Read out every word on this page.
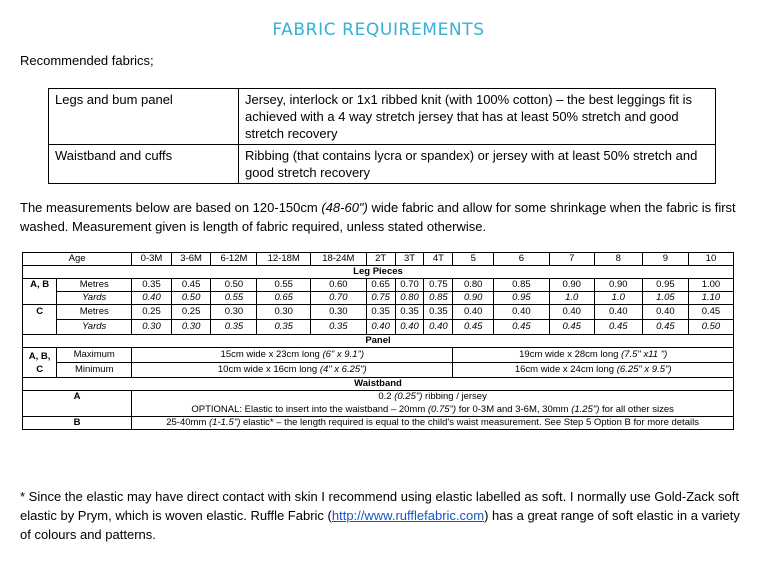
FABRIC REQUIREMENTS
Recommended fabrics;
Legs and bum panel	Jersey, interlock or 1x1 ribbed knit (with 100% cotton) – the best leggings fit is achieved with a 4 way stretch jersey that has at least 50% stretch and good stretch recovery
Waistband and cuffs	Ribbing (that contains lycra or spandex) or jersey with at least 50% stretch and good stretch recovery
The measurements below are based on 120-150cm (48-60") wide fabric and allow for some shrinkage when the fabric is first washed. Measurement given is length of fabric required, unless stated otherwise.
Age		0-3M	3-6M	6-12M	12-18M	18-24M	2T	3T	4T	5	6	7	8	9	10
Leg Pieces															
A, B	Metres	0.35	0.45	0.50	0.55	0.60	0.65	0.70	0.75	0.80	0.85	0.90	0.90	0.95	1.00
	Yards	0.40	0.50	0.55	0.65	0.70	0.75	0.80	0.85	0.90	0.95	1.0	1.0	1.05	1.10
C	Metres	0.25	0.25	0.30	0.30	0.30	0.35	0.35	0.35	0.40	0.40	0.40	0.40	0.40	0.45
	Yards	0.30	0.30	0.35	0.35	0.35	0.40	0.40	0.40	0.45	0.45	0.45	0.45	0.45	0.50
Panel															
A, B, C	Maximum	15cm wide x 23cm long (6" x 9.1")								19cm wide x 28cm long (7.5" x11 ")					
	Minimum	10cm wide x 16cm long (4" x 6.25")								16cm wide x 24cm long (6.25" x 9.5")					
Waistband															
A		0.2 (0.25") ribbing / jersey													
		OPTIONAL: Elastic to insert into the waistband – 20mm (0.75") for 0-3M and 3-6M, 30mm (1.25") for all other sizes													
B		25-40mm (1-1.5") elastic* – the length required is equal to the child's waist measurement. See Step 5 Option B for more details													
* Since the elastic may have direct contact with skin I recommend using elastic labelled as soft. I normally use Gold-Zack soft elastic by Prym, which is woven elastic. Ruffle Fabric (http://www.rufflefabric.com) has a great range of soft elastic in a variety of colours and patterns.
